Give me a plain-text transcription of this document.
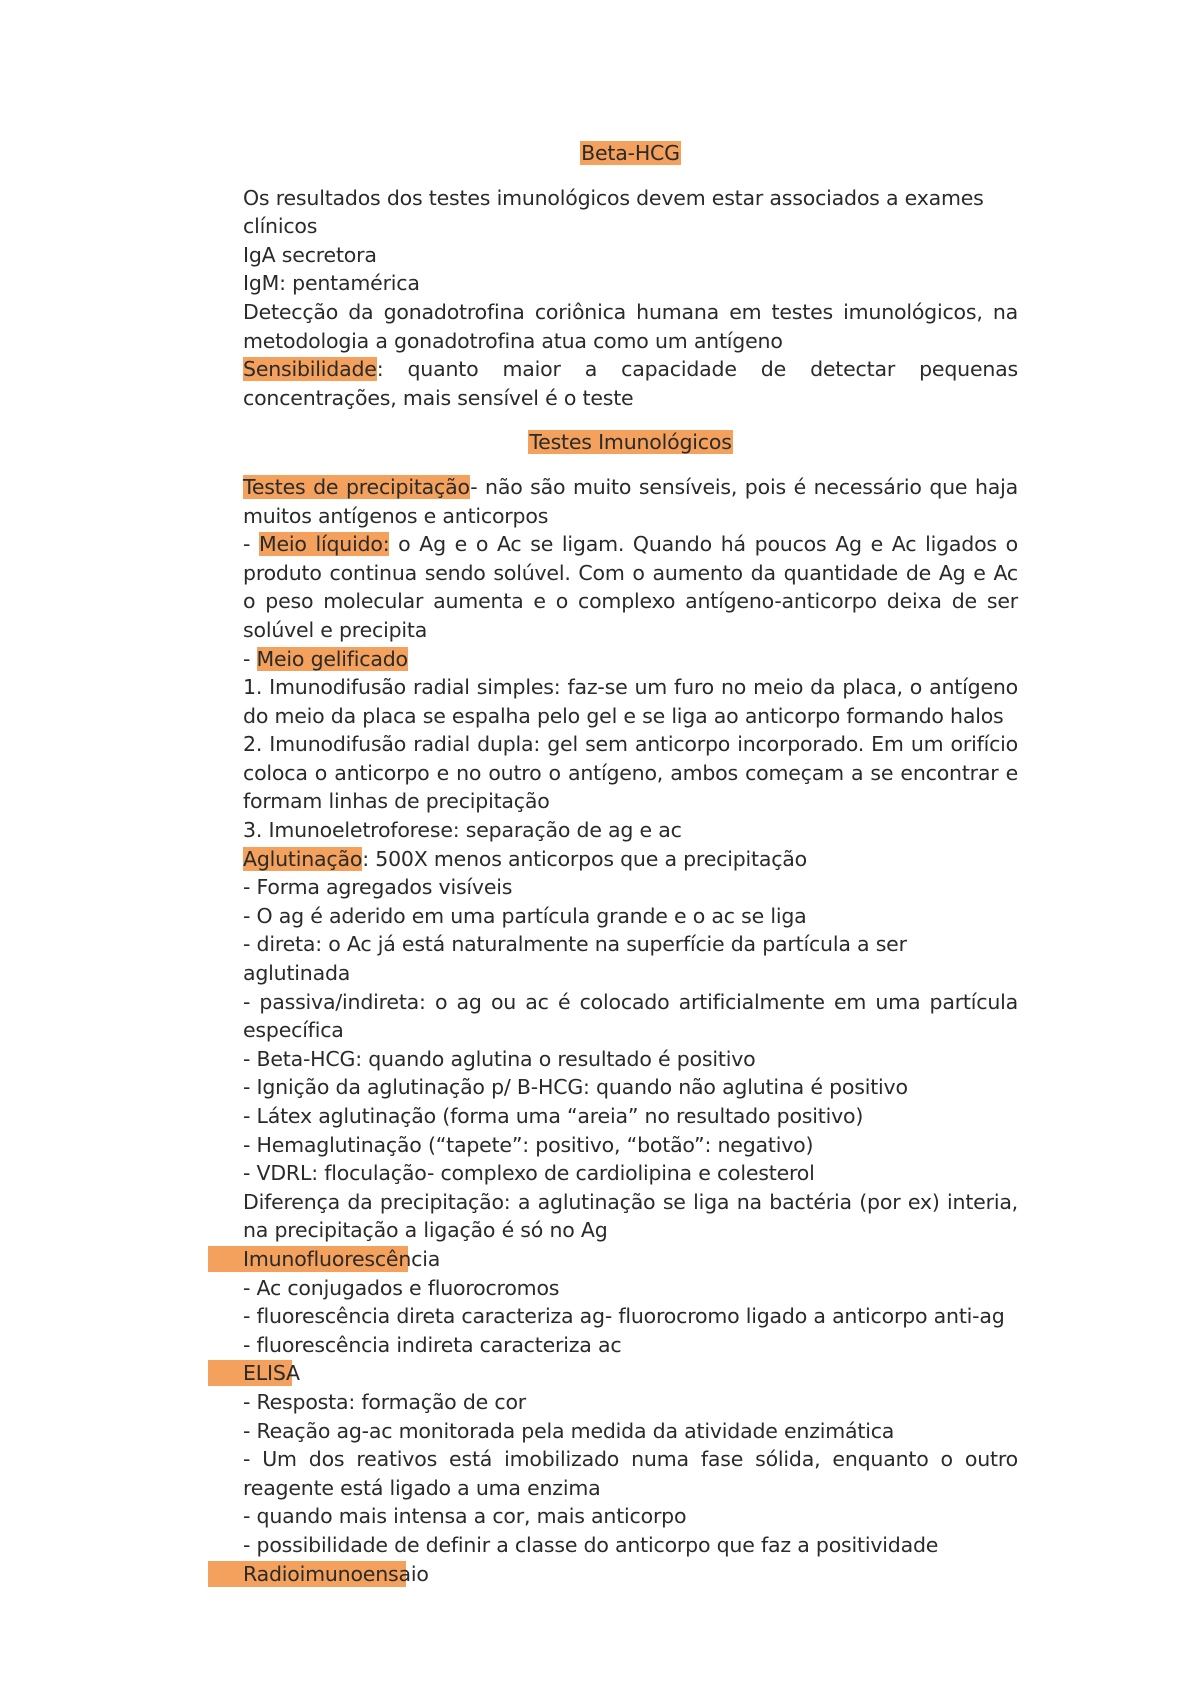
Beta-HCG

Os resultados dos testes imunológicos devem estar associados a exames clínicos

IgA secretora

IgM: pentamérica

Detecção da gonadotrofina coriônica humana em testes imunológicos, na metodologia a gonadotrofina atua como um antígeno

Sensibilidade: quanto maior a capacidade de detectar pequenas concentrações, mais sensível é o teste

Testes Imunológicos

Testes de precipitação- não são muito sensíveis, pois é necessário que haja muitos antígenos e anticorpos

- Meio líquido: o Ag e o Ac se ligam. Quando há poucos Ag e Ac ligados o produto continua sendo solúvel. Com o aumento da quantidade de Ag e Ac o peso molecular aumenta e o complexo antígeno-anticorpo deixa de ser solúvel e precipita

- Meio gelificado

1. Imunodifusão radial simples: faz-se um furo no meio da placa, o antígeno do meio da placa se espalha pelo gel e se liga ao anticorpo formando halos

2. Imunodifusão radial dupla: gel sem anticorpo incorporado. Em um orifício coloca o anticorpo e no outro o antígeno, ambos começam a se encontrar e formam linhas de precipitação

3. Imunoeletroforese: separação de ag e ac

Aglutinação: 500X menos anticorpos que a precipitação

- Forma agregados visíveis

- O ag é aderido em uma partícula grande e o ac se liga

- direta: o Ac já está naturalmente na superfície da partícula a ser aglutinada

- passiva/indireta: o ag ou ac é colocado artificialmente em uma partícula específica

- Beta-HCG: quando aglutina o resultado é positivo

- Ignição da aglutinação p/ B-HCG: quando não aglutina é positivo

- Látex aglutinação (forma uma “areia” no resultado positivo)

- Hemaglutinação (“tapete”: positivo, “botão”: negativo)

- VDRL: floculação- complexo de cardiolipina e colesterol

Diferença da precipitação: a aglutinação se liga na bactéria (por ex) interia, na precipitação a ligação é só no Ag

Imunofluorescência

- Ac conjugados e fluorocromos

- fluorescência direta caracteriza ag- fluorocromo ligado a anticorpo anti-ag

- fluorescência indireta caracteriza ac

ELISA

- Resposta: formação de cor

- Reação ag-ac monitorada pela medida da atividade enzimática

- Um dos reativos está imobilizado numa fase sólida, enquanto o outro reagente está ligado a uma enzima

- quando mais intensa a cor, mais anticorpo

- possibilidade de definir a classe do anticorpo que faz a positividade

Radioimunoensaio
